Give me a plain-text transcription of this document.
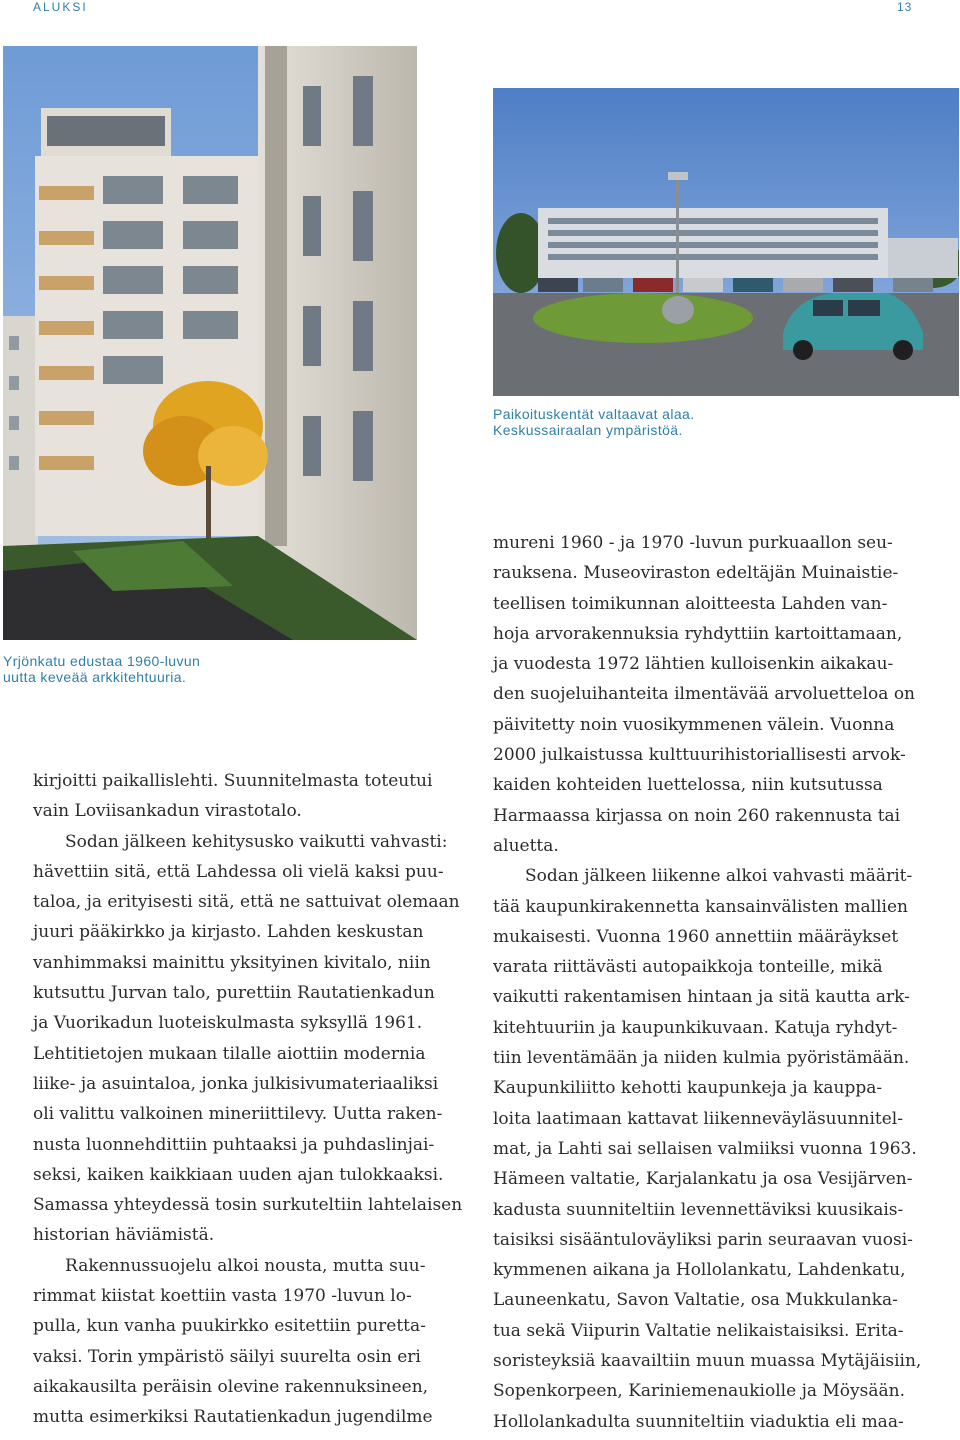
ALUKSI	13
Paikoituskentät valtaavat alaa.
Keskussairaalan ympäristöä.
Yrjönkatu edustaa 1960-luvun
uutta keveää arkkitehtuuria.
kirjoitti paikallislehti. Suunnitelmasta toteutui
vain Loviisankadun virastotalo.
Sodan jälkeen kehitysusko vaikutti vahvasti:
hävettiin sitä, että Lahdessa oli vielä kaksi puu-
taloa, ja erityisesti sitä, että ne sattuivat olemaan
juuri pääkirkko ja kirjasto. Lahden keskustan
vanhimmaksi mainittu yksityinen kivitalo, niin
kutsuttu Jurvan talo, purettiin Rautatienkadun
ja Vuorikadun luoteiskulmasta syksyllä 1961.
Lehtitietojen mukaan tilalle aiottiin modernia
liike- ja asuintaloa, jonka julkisivumateriaaliksi
oli valittu valkoinen mineriittilevy. Uutta raken-
nusta luonnehdittiin puhtaaksi ja puhdaslinjai-
seksi, kaiken kaikkiaan uuden ajan tulokkaaksi.
Samassa yhteydessä tosin surkuteltiin lahtelaisen
historian häviämistä.
Rakennussuojelu alkoi nousta, mutta suu-
rimmat kiistat koettiin vasta 1970 -luvun lo-
pulla, kun vanha puukirkko esitettiin puretta-
vaksi. Torin ympäristö säilyi suurelta osin eri
aikakausilta peräisin olevine rakennuksineen,
mutta esimerkiksi Rautatienkadun jugendilme
mureni 1960 - ja 1970 -luvun purkuaallon seu-
rauksena. Museoviraston edeltäjän Muinaistie-
teellisen toimikunnan aloitteesta Lahden van-
hoja arvorakennuksia ryhdyttiin kartoittamaan,
ja vuodesta 1972 lähtien kulloisenkin aikakau-
den suojeluihanteita ilmentävää arvoluetteloa on
päivitetty noin vuosikymmenen välein. Vuonna
2000 julkaistussa kulttuurihistoriallisesti arvok-
kaiden kohteiden luettelossa, niin kutsutussa
Harmaassa kirjassa on noin 260 rakennusta tai
aluetta.
Sodan jälkeen liikenne alkoi vahvasti määrit-
tää kaupunkirakennetta kansainvälisten mallien
mukaisesti. Vuonna 1960 annettiin määräykset
varata riittävästi autopaikkoja tonteille, mikä
vaikutti rakentamisen hintaan ja sitä kautta ark-
kitehtuuriin ja kaupunkikuvaan. Katuja ryhdyt-
tiin leventämään ja niiden kulmia pyöristämään.
Kaupunkiliitto kehotti kaupunkeja ja kauppa-
loita laatimaan kattavat liikenneväyläsuunnitel-
mat, ja Lahti sai sellaisen valmiiksi vuonna 1963.
Hämeen valtatie, Karjalankatu ja osa Vesijärven-
kadusta suunniteltiin levennettäviksi kuusikais-
taisiksi sisääntuloväyliksi parin seuraavan vuosi-
kymmenen aikana ja Hollolankatu, Lahdenkatu,
Launeenkatu, Savon Valtatie, osa Mukkulanka-
tua sekä Viipurin Valtatie nelikaistaisiksi. Erita-
soristeyksiä kaavailtiin muun muassa Mytäjäisiin,
Sopenkorpeen, Kariniemenaukiolle ja Möysään.
Hollolankadulta suunniteltiin viaduktia eli maa-
